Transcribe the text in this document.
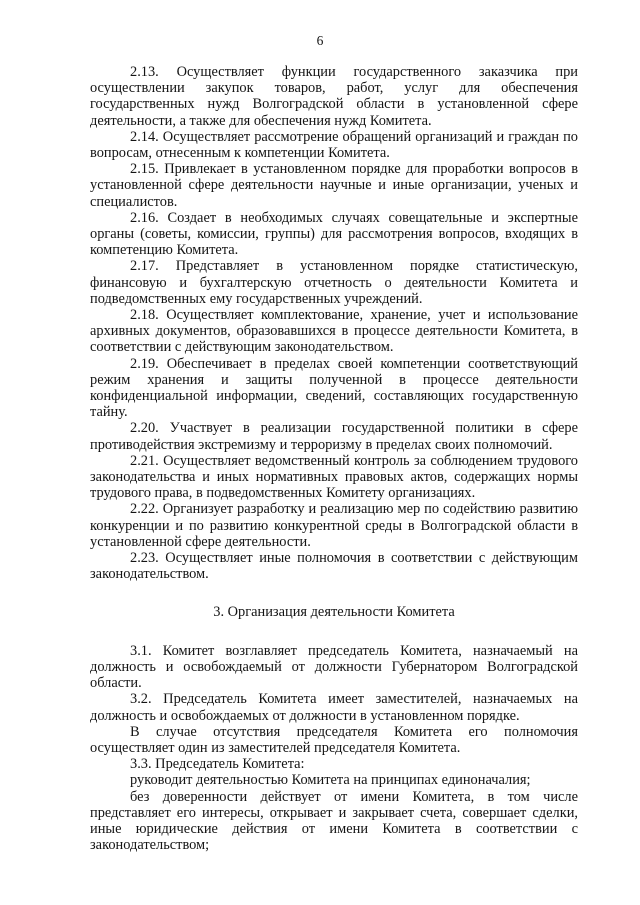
6

2.13. Осуществляет функции государственного заказчика при осуществлении закупок товаров, работ, услуг для обеспечения государственных нужд Волгоградской области в установленной сфере деятельности, а также для обеспечения нужд Комитета.

2.14. Осуществляет рассмотрение обращений организаций и граждан по вопросам, отнесенным к компетенции Комитета.

2.15. Привлекает в установленном порядке для проработки вопросов в установленной сфере деятельности научные и иные организации, ученых и специалистов.

2.16. Создает в необходимых случаях совещательные и экспертные органы (советы, комиссии, группы) для рассмотрения вопросов, входящих в компетенцию Комитета.

2.17. Представляет в установленном порядке статистическую, финансовую и бухгалтерскую отчетность о деятельности Комитета и подведомственных ему государственных учреждений.

2.18. Осуществляет комплектование, хранение, учет и использование архивных документов, образовавшихся в процессе деятельности Комитета, в соответствии с действующим законодательством.

2.19. Обеспечивает в пределах своей компетенции соответствующий режим хранения и защиты полученной в процессе деятельности конфиденциальной информации, сведений, составляющих государственную тайну.

2.20. Участвует в реализации государственной политики в сфере противодействия экстремизму и терроризму в пределах своих полномочий.

2.21. Осуществляет ведомственный контроль за соблюдением трудового законодательства и иных нормативных правовых актов, содержащих нормы трудового права, в подведомственных Комитету организациях.

2.22. Организует разработку и реализацию мер по содействию развитию конкуренции и по развитию конкурентной среды в Волгоградской области в установленной сфере деятельности.

2.23. Осуществляет иные полномочия в соответствии с действующим законодательством.

3. Организация деятельности Комитета

3.1. Комитет возглавляет председатель Комитета, назначаемый на должность и освобождаемый от должности Губернатором Волгоградской области.

3.2. Председатель Комитета имеет заместителей, назначаемых на должность и освобождаемых от должности в установленном порядке.

В случае отсутствия председателя Комитета его полномочия осуществляет один из заместителей председателя Комитета.

3.3. Председатель Комитета:

руководит деятельностью Комитета на принципах единоначалия;

без доверенности действует от имени Комитета, в том числе представляет его интересы, открывает и закрывает счета, совершает сделки, иные юридические действия от имени Комитета в соответствии с законодательством;
